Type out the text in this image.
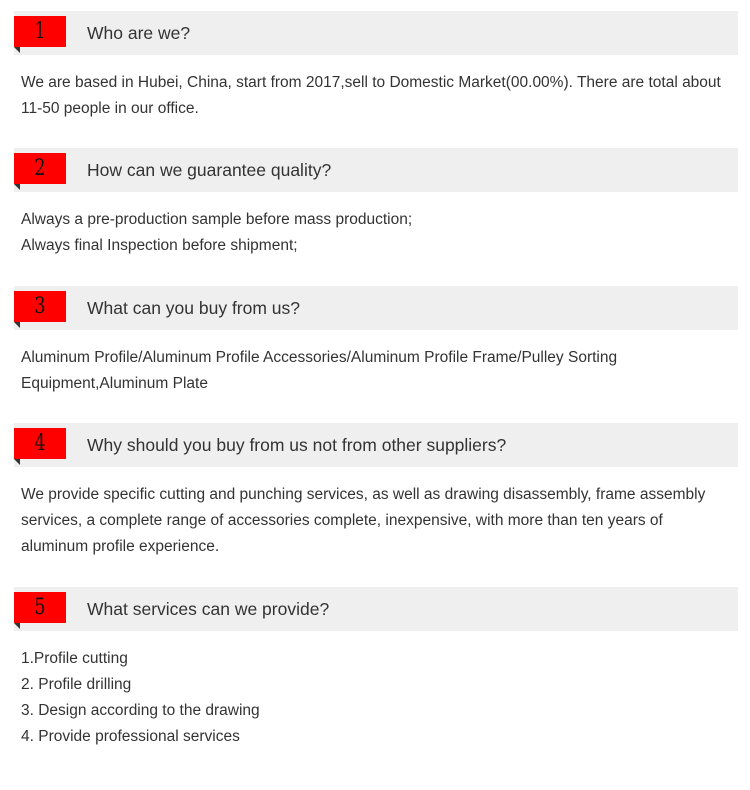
1	Who are we?

We are based in Hubei, China, start from 2017,sell to Domestic Market(00.00%). There are total about 11-50 people in our office.

2	How can we guarantee quality?
Always a pre-production sample before mass production;
Always final Inspection before shipment;
3	What can you buy from us?

Aluminum Profile/Aluminum Profile Accessories/Aluminum Profile Frame/Pulley Sorting Equipment,Aluminum Plate

4	Why should you buy from us not from other suppliers?

We provide specific cutting and punching services, as well as drawing disassembly, frame assembly services, a complete range of accessories complete, inexpensive, with more than ten years of aluminum profile experience.

5	What services can we provide?
1.Profile cutting
2. Profile drilling
3. Design according to the drawing
4. Provide professional services
